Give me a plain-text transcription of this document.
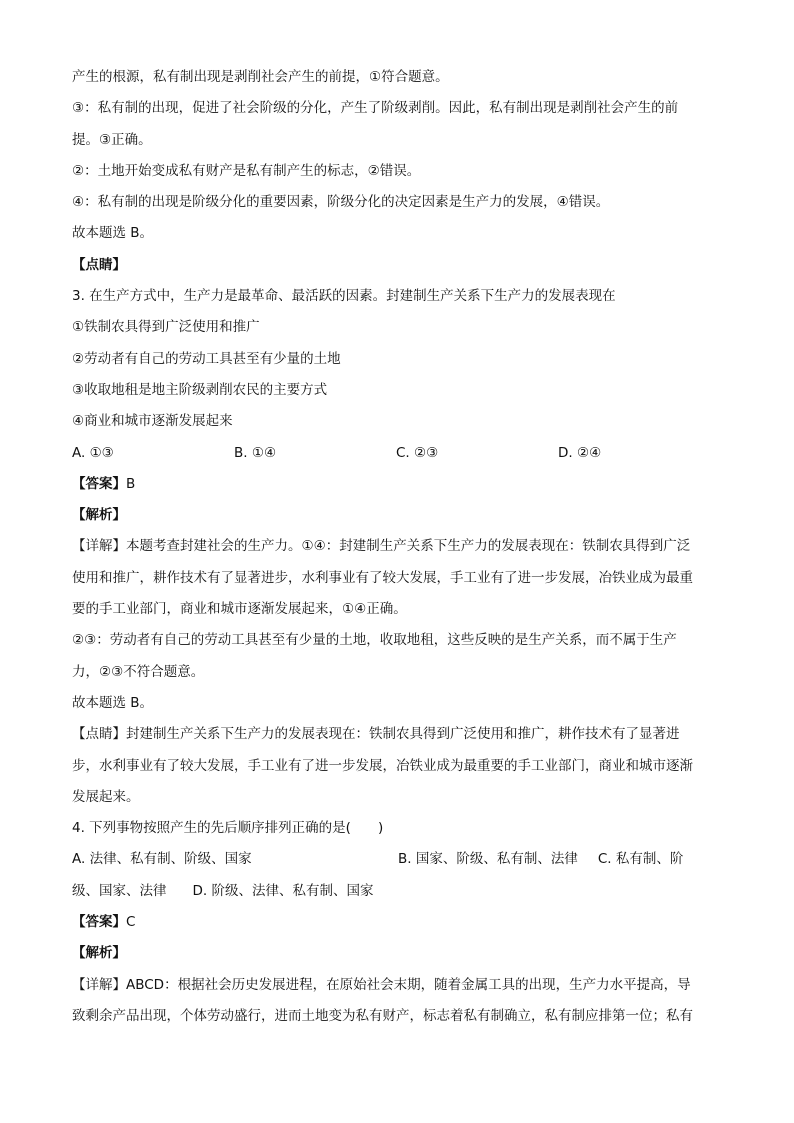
产生的根源，私有制出现是剥削社会产生的前提，①符合题意。
③：私有制的出现，促进了社会阶级的分化，产生了阶级剥削。因此，私有制出现是剥削社会产生的前
提。③正确。
②：土地开始变成私有财产是私有制产生的标志，②错误。
④：私有制的出现是阶级分化的重要因素，阶级分化的决定因素是生产力的发展，④错误。
故本题选 B。
【点睛】
3. 在生产方式中，生产力是最革命、最活跃的因素。封建制生产关系下生产力的发展表现在
①铁制农具得到广泛使用和推广
②劳动者有自己的劳动工具甚至有少量的土地
③收取地租是地主阶级剥削农民的主要方式
④商业和城市逐渐发展起来
A. ①③	B. ①④	C. ②③	D. ②④
【答案】B
【解析】
【详解】本题考查封建社会的生产力。①④：封建制生产关系下生产力的发展表现在：铁制农具得到广泛
使用和推广，耕作技术有了显著进步，水利事业有了较大发展，手工业有了进一步发展，冶铁业成为最重
要的手工业部门，商业和城市逐渐发展起来，①④正确。
②③：劳动者有自己的劳动工具甚至有少量的土地，收取地租，这些反映的是生产关系，而不属于生产
力，②③不符合题意。
故本题选 B。
【点睛】封建制生产关系下生产力的发展表现在：铁制农具得到广泛使用和推广，耕作技术有了显著进
步，水利事业有了较大发展，手工业有了进一步发展，冶铁业成为最重要的手工业部门，商业和城市逐渐
发展起来。
4. 下列事物按照产生的先后顺序排列正确的是(　　)
A. 法律、私有制、阶级、国家	B. 国家、阶级、私有制、法律 C. 私有制、阶
级、国家、法律 D. 阶级、法律、私有制、国家
【答案】C
【解析】
【详解】ABCD：根据社会历史发展进程，在原始社会末期，随着金属工具的出现，生产力水平提高，导
致剩余产品出现，个体劳动盛行，进而土地变为私有财产，标志着私有制确立，私有制应排第一位；私有
